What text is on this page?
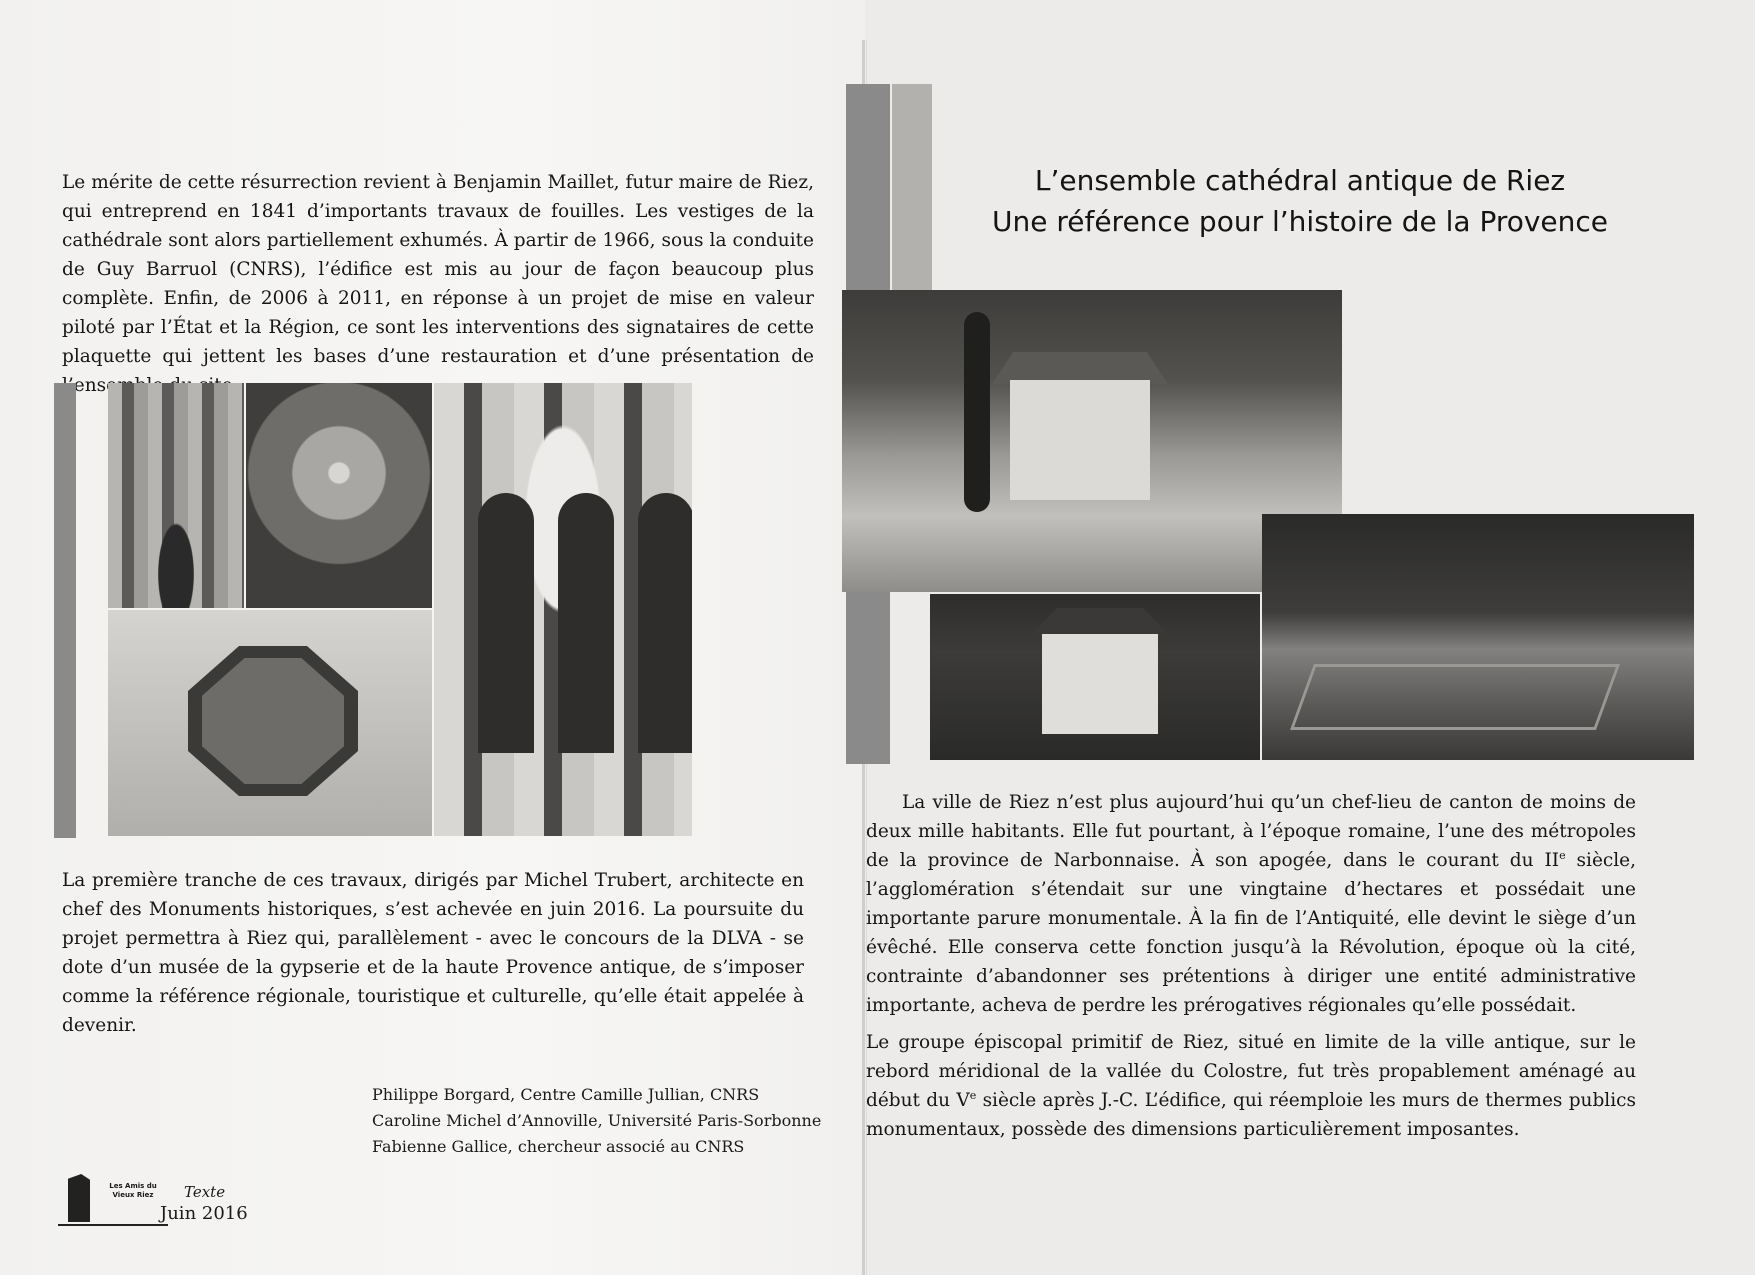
Le mérite de cette résurrection revient à Benjamin Maillet, futur maire de Riez, qui entreprend en 1841 d’importants travaux de fouilles. Les vestiges de la cathédrale sont alors partiellement exhumés. À partir de 1966, sous la conduite de Guy Barruol (CNRS), l’édifice est mis au jour de façon beaucoup plus complète. Enfin, de 2006 à 2011, en réponse à un projet de mise en valeur piloté par l’État et la Région, ce sont les interventions des signataires de cette plaquette qui jettent les bases d’une restauration et d’une présentation de

La première tranche de ces travaux, dirigés par Michel Trubert, architecte en chef des Monuments historiques, s’est achevée en juin 2016. La poursuite du projet permettra à Riez qui, parallèlement - avec le concours de la DLVA - se dote d’un musée de la gypserie et de la haute Provence antique, de s’imposer comme la référence régionale, touristique et culturelle, qu’elle était appelée à devenir.

Philippe Borgard, Centre Camille Jullian, CNRS
Caroline Michel d’Annoville, Université Paris-Sorbonne
Fabienne Gallice, chercheur associé au CNRS
Les Amis du Vieux Riez	Texte
Juin 2016
L’ensemble cathédral antique de Riez
Une référence pour l’histoire de la Provence

La ville de Riez n’est plus aujourd’hui qu’un chef-lieu de canton de moins de deux mille habitants. Elle fut pourtant, à l’époque romaine, l’une des métropoles de la province de Narbonnaise. À son apogée, dans le courant du IIe siècle, l’agglomération s’étendait sur une vingtaine d’hectares et possédait une importante parure monumentale. À la fin de l’Antiquité, elle devint le siège d’un évêché. Elle conserva cette fonction jusqu’à la Révolution, époque où la cité, contrainte d’abandonner ses prétentions à diriger une entité administrative importante, acheva de perdre les prérogatives régionales qu’elle possédait.

Le groupe épiscopal primitif de Riez, situé en limite de la ville antique, sur le rebord méridional de la vallée du Colostre, fut très propablement aménagé au début du Ve siècle après J.-C. L’édifice, qui réemploie les murs de thermes publics monumentaux, possède des dimensions particulièrement imposantes.
